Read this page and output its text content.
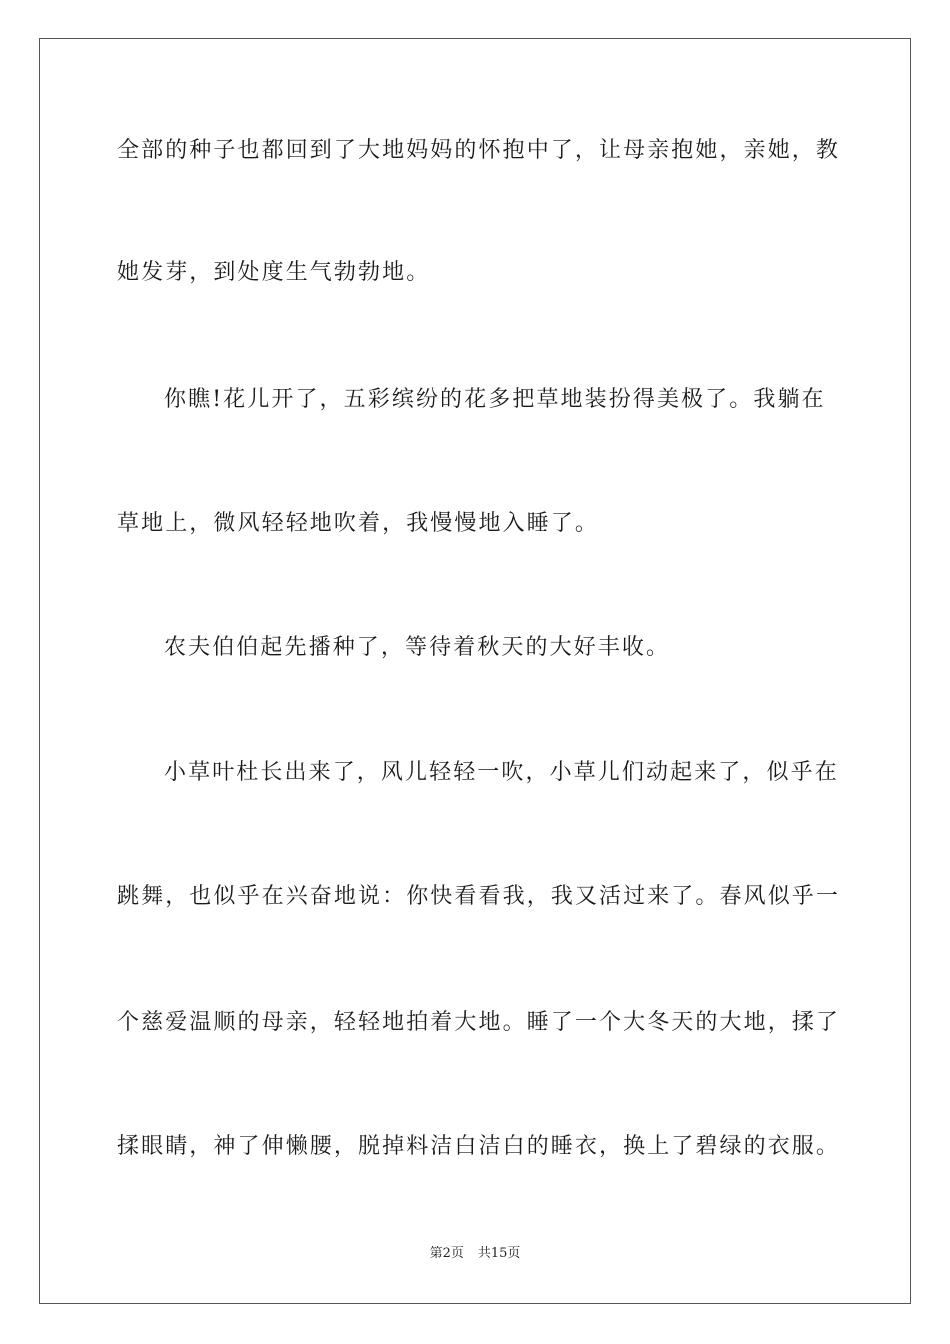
全部的种子也都回到了大地妈妈的怀抱中了，让母亲抱她，亲她，教
她发芽，到处度生气勃勃地。
你瞧!花儿开了，五彩缤纷的花多把草地装扮得美极了。我躺在
草地上，微风轻轻地吹着，我慢慢地入睡了。
农夫伯伯起先播种了，等待着秋天的大好丰收。
小草叶杜长出来了，风儿轻轻一吹，小草儿们动起来了，似乎在
跳舞，也似乎在兴奋地说：你快看看我，我又活过来了。春风似乎一
个慈爱温顺的母亲，轻轻地拍着大地。睡了一个大冬天的大地，揉了
揉眼睛，神了伸懒腰，脱掉料洁白洁白的睡衣，换上了碧绿的衣服。
第2页 共15页
